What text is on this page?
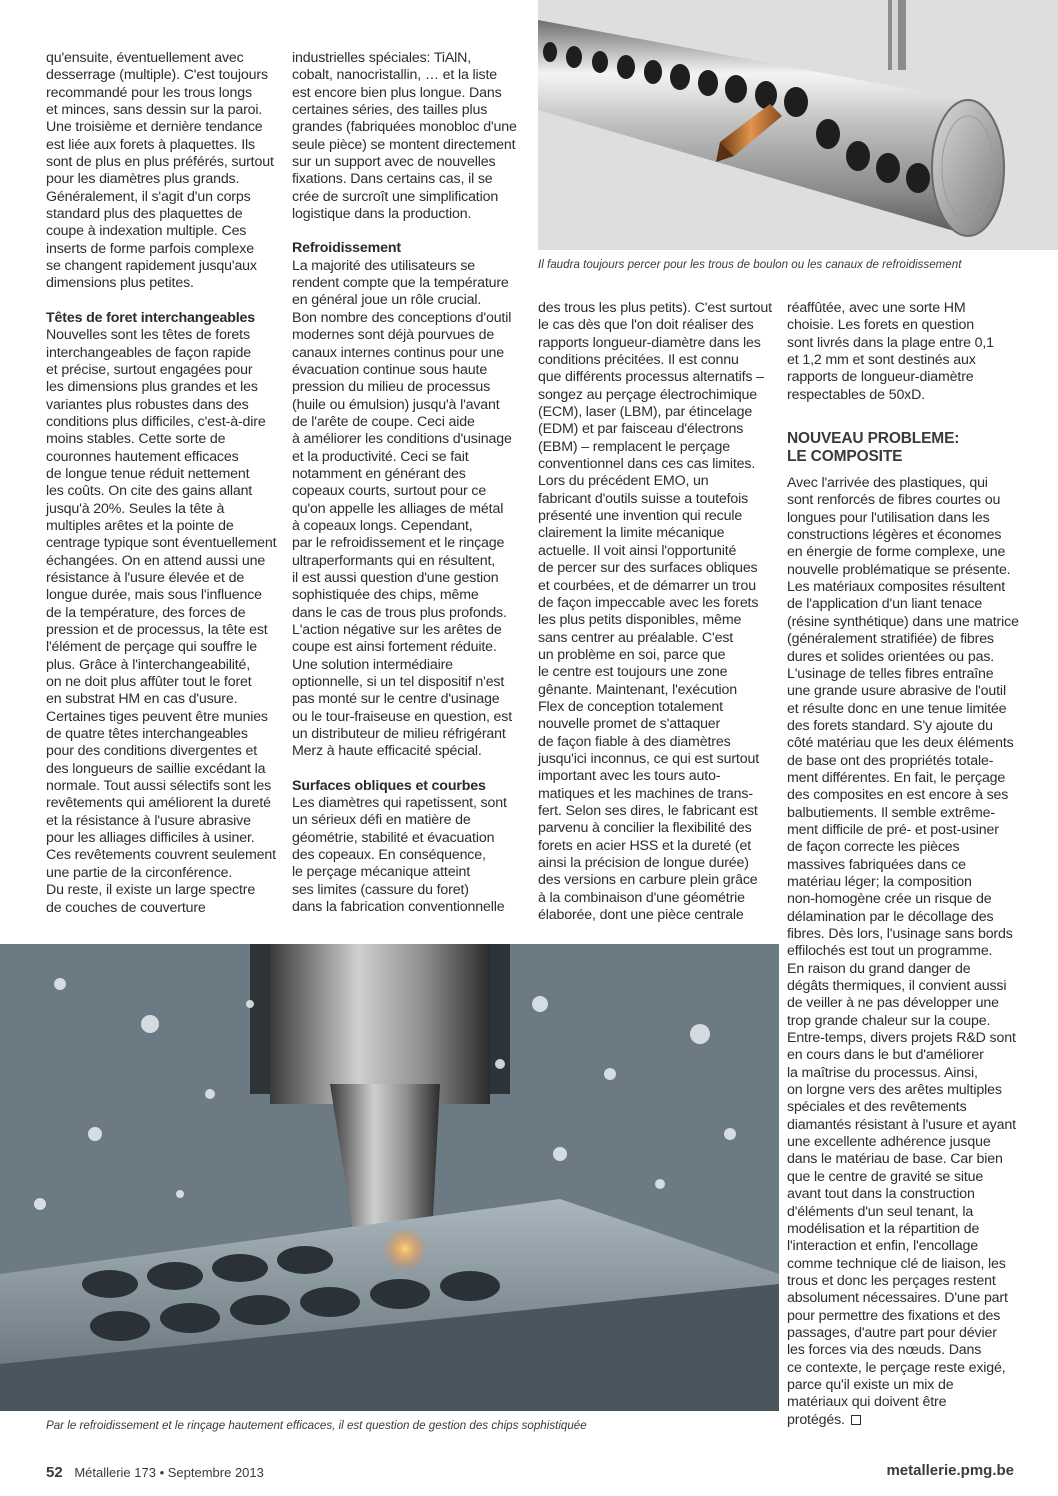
Il faudra toujours percer pour les trous de boulon ou les canaux de refroidissement
qu'ensuite, éventuellement avec
desserrage (multiple). C'est toujours
recommandé pour les trous longs
et minces, sans dessin sur la paroi.
Une troisième et dernière tendance
est liée aux forets à plaquettes. Ils
sont de plus en plus préférés, surtout
pour les diamètres plus grands.
Généralement, il s'agit d'un corps
standard plus des plaquettes de
coupe à indexation multiple. Ces
inserts de forme parfois complexe
se changent rapidement jusqu'aux
dimensions plus petites.
Têtes de foret interchangeables
Nouvelles sont les têtes de forets
interchangeables de façon rapide
et précise, surtout engagées pour
les dimensions plus grandes et les
variantes plus robustes dans des
conditions plus difficiles, c'est-à-dire
moins stables. Cette sorte de
couronnes hautement efficaces
de longue tenue réduit nettement
les coûts. On cite des gains allant
jusqu'à 20%. Seules la tête à
multiples arêtes et la pointe de
centrage typique sont éventuellement
échangées. On en attend aussi une
résistance à l'usure élevée et de
longue durée, mais sous l'influence
de la température, des forces de
pression et de processus, la tête est
l'élément de perçage qui souffre le
plus. Grâce à l'interchangeabilité,
on ne doit plus affûter tout le foret
en substrat HM en cas d'usure.
Certaines tiges peuvent être munies
de quatre têtes interchangeables
pour des conditions divergentes et
des longueurs de saillie excédant la
normale. Tout aussi sélectifs sont les
revêtements qui améliorent la dureté
et la résistance à l'usure abrasive
pour les alliages difficiles à usiner.
Ces revêtements couvrent seulement
une partie de la circonférence.
Du reste, il existe un large spectre
de couches de couverture
industrielles spéciales: TiAlN,
cobalt, nanocristallin, … et la liste
est encore bien plus longue. Dans
certaines séries, des tailles plus
grandes (fabriquées monobloc d'une
seule pièce) se montent directement
sur un support avec de nouvelles
fixations. Dans certains cas, il se
crée de surcroît une simplification
logistique dans la production.
Refroidissement
La majorité des utilisateurs se
rendent compte que la température
en général joue un rôle crucial.
Bon nombre des conceptions d'outil
modernes sont déjà pourvues de
canaux internes continus pour une
évacuation continue sous haute
pression du milieu de processus
(huile ou émulsion) jusqu'à l'avant
de l'arête de coupe. Ceci aide
à améliorer les conditions d'usinage
et la productivité. Ceci se fait
notamment en générant des
copeaux courts, surtout pour ce
qu'on appelle les alliages de métal
à copeaux longs. Cependant,
par le refroidissement et le rinçage
ultraperformants qui en résultent,
il est aussi question d'une gestion
sophistiquée des chips, même
dans le cas de trous plus profonds.
L'action négative sur les arêtes de
coupe est ainsi fortement réduite.
Une solution intermédiaire
optionnelle, si un tel dispositif n'est
pas monté sur le centre d'usinage
ou le tour-fraiseuse en question, est
un distributeur de milieu réfrigérant
Merz à haute efficacité spécial.
Surfaces obliques et courbes
Les diamètres qui rapetissent, sont
un sérieux défi en matière de
géométrie, stabilité et évacuation
des copeaux. En conséquence,
le perçage mécanique atteint
ses limites (cassure du foret)
dans la fabrication conventionnelle
des trous les plus petits). C'est surtout
le cas dès que l'on doit réaliser des
rapports longueur-diamètre dans les
conditions précitées. Il est connu
que différents processus alternatifs –
songez au perçage électrochimique
(ECM), laser (LBM), par étincelage
(EDM) et par faisceau d'électrons
(EBM) – remplacent le perçage
conventionnel dans ces cas limites.
Lors du précédent EMO, un
fabricant d'outils suisse a toutefois
présenté une invention qui recule
clairement la limite mécanique
actuelle. Il voit ainsi l'opportunité
de percer sur des surfaces obliques
et courbées, et de démarrer un trou
de façon impeccable avec les forets
les plus petits disponibles, même
sans centrer au préalable. C'est
un problème en soi, parce que
le centre est toujours une zone
gênante. Maintenant, l'exécution
Flex de conception totalement
nouvelle promet de s'attaquer
de façon fiable à des diamètres
jusqu'ici inconnus, ce qui est surtout
important avec les tours auto-
matiques et les machines de trans-
fert. Selon ses dires, le fabricant est
parvenu à concilier la flexibilité des
forets en acier HSS et la dureté (et
ainsi la précision de longue durée)
des versions en carbure plein grâce
à la combinaison d'une géométrie
élaborée, dont une pièce centrale
réaffûtée, avec une sorte HM
choisie. Les forets en question
sont livrés dans la plage entre 0,1
et 1,2 mm et sont destinés aux
rapports de longueur-diamètre
respectables de 50xD.
NOUVEAU PROBLEME:
LE COMPOSITE
Avec l'arrivée des plastiques, qui
sont renforcés de fibres courtes ou
longues pour l'utilisation dans les
constructions légères et économes
en énergie de forme complexe, une
nouvelle problématique se présente.
Les matériaux composites résultent
de l'application d'un liant tenace
(résine synthétique) dans une matrice
(généralement stratifiée) de fibres
dures et solides orientées ou pas.
L'usinage de telles fibres entraîne
une grande usure abrasive de l'outil
et résulte donc en une tenue limitée
des forets standard. S'y ajoute du
côté matériau que les deux éléments
de base ont des propriétés totale-
ment différentes. En fait, le perçage
des composites en est encore à ses
balbutiements. Il semble extrême-
ment difficile de pré- et post-usiner
de façon correcte les pièces
massives fabriquées dans ce
matériau léger; la composition
non-homogène crée un risque de
délamination par le décollage des
fibres. Dès lors, l'usinage sans bords
effilochés est tout un programme.
En raison du grand danger de
dégâts thermiques, il convient aussi
de veiller à ne pas développer une
trop grande chaleur sur la coupe.
Entre-temps, divers projets R&D sont
en cours dans le but d'améliorer
la maîtrise du processus. Ainsi,
on lorgne vers des arêtes multiples
spéciales et des revêtements
diamantés résistant à l'usure et ayant
une excellente adhérence jusque
dans le matériau de base. Car bien
que le centre de gravité se situe
avant tout dans la construction
d'éléments d'un seul tenant, la
modélisation et la répartition de
l'interaction et enfin, l'encollage
comme technique clé de liaison, les
trous et donc les perçages restent
absolument nécessaires. D'une part
pour permettre des fixations et des
passages, d'autre part pour dévier
les forces via des nœuds. Dans
ce contexte, le perçage reste exigé,
parce qu'il existe un mix de
matériaux qui doivent être
protégés.
Par le refroidissement et le rinçage hautement efficaces, il est question de gestion des chips sophistiquée
52 Métallerie 173 • Septembre 2013	metallerie.pmg.be
